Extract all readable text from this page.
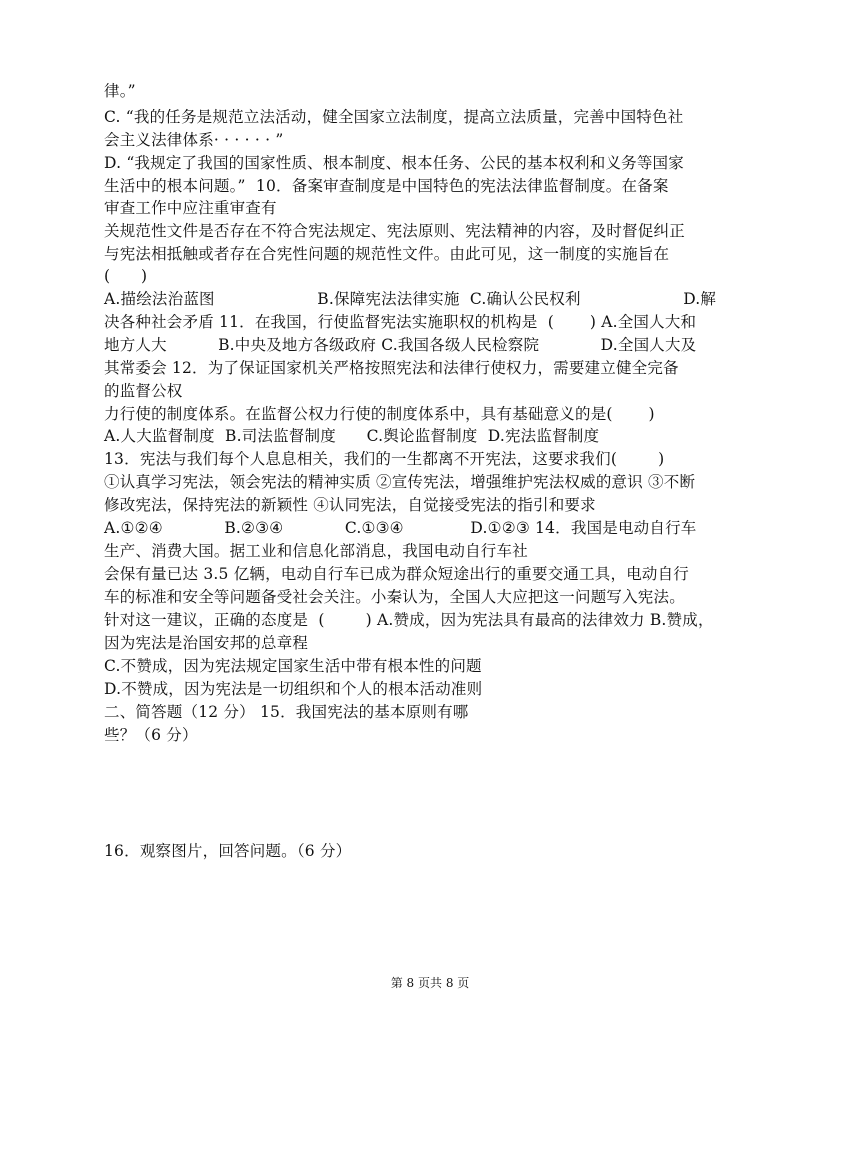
律。”
C. “我的任务是规范立法活动，健全国家立法制度，提高立法质量，完善中国特色社
会主义法律体系· · · · · · ”
D. “我规定了我国的国家性质、根本制度、根本任务、公民的基本权利和义务等国家
生活中的根本问题。”  10．备案审查制度是中国特色的宪法法律监督制度。在备案
审查工作中应注重审查有
关规范性文件是否存在不符合宪法规定、宪法原则、宪法精神的内容，及时督促纠正
与宪法相抵触或者存在合宪性问题的规范性文件。由此可见，这一制度的实施旨在
(      )
A.描绘法治蓝图                    B.保障宪法法律实施  C.确认公民权利                    D.解
决各种社会矛盾 11．在我国，行使监督宪法实施职权的机构是  (       ) A.全国人大和
地方人大          B.中央及地方各级政府 C.我国各级人民检察院            D.全国人大及
其常委会 12．为了保证国家机关严格按照宪法和法律行使权力，需要建立健全完备
的监督公权
力行使的制度体系。在监督公权力行使的制度体系中，具有基础意义的是(       )
A.人大监督制度  B.司法监督制度      C.舆论监督制度  D.宪法监督制度
13．宪法与我们每个人息息相关，我们的一生都离不开宪法，这要求我们(        )
①认真学习宪法，领会宪法的精神实质 ②宣传宪法，增强维护宪法权威的意识 ③不断
修改宪法，保持宪法的新颖性 ④认同宪法，自觉接受宪法的指引和要求
A.①②④            B.②③④            C.①③④             D.①②③ 14．我国是电动自行车
生产、消费大国。据工业和信息化部消息，我国电动自行车社
会保有量已达 3.5 亿辆，电动自行车已成为群众短途出行的重要交通工具，电动自行
车的标准和安全等问题备受社会关注。小秦认为，全国人大应把这一问题写入宪法。
针对这一建议，正确的态度是  (        ) A.赞成，因为宪法具有最高的法律效力 B.赞成，
因为宪法是治国安邦的总章程
C.不赞成，因为宪法规定国家生活中带有根本性的问题
D.不赞成，因为宪法是一切组织和个人的根本活动准则
二、简答题（12 分） 15．我国宪法的基本原则有哪
些？（6 分）
16．观察图片，回答问题。（6 分）
第 8 页共 8 页
